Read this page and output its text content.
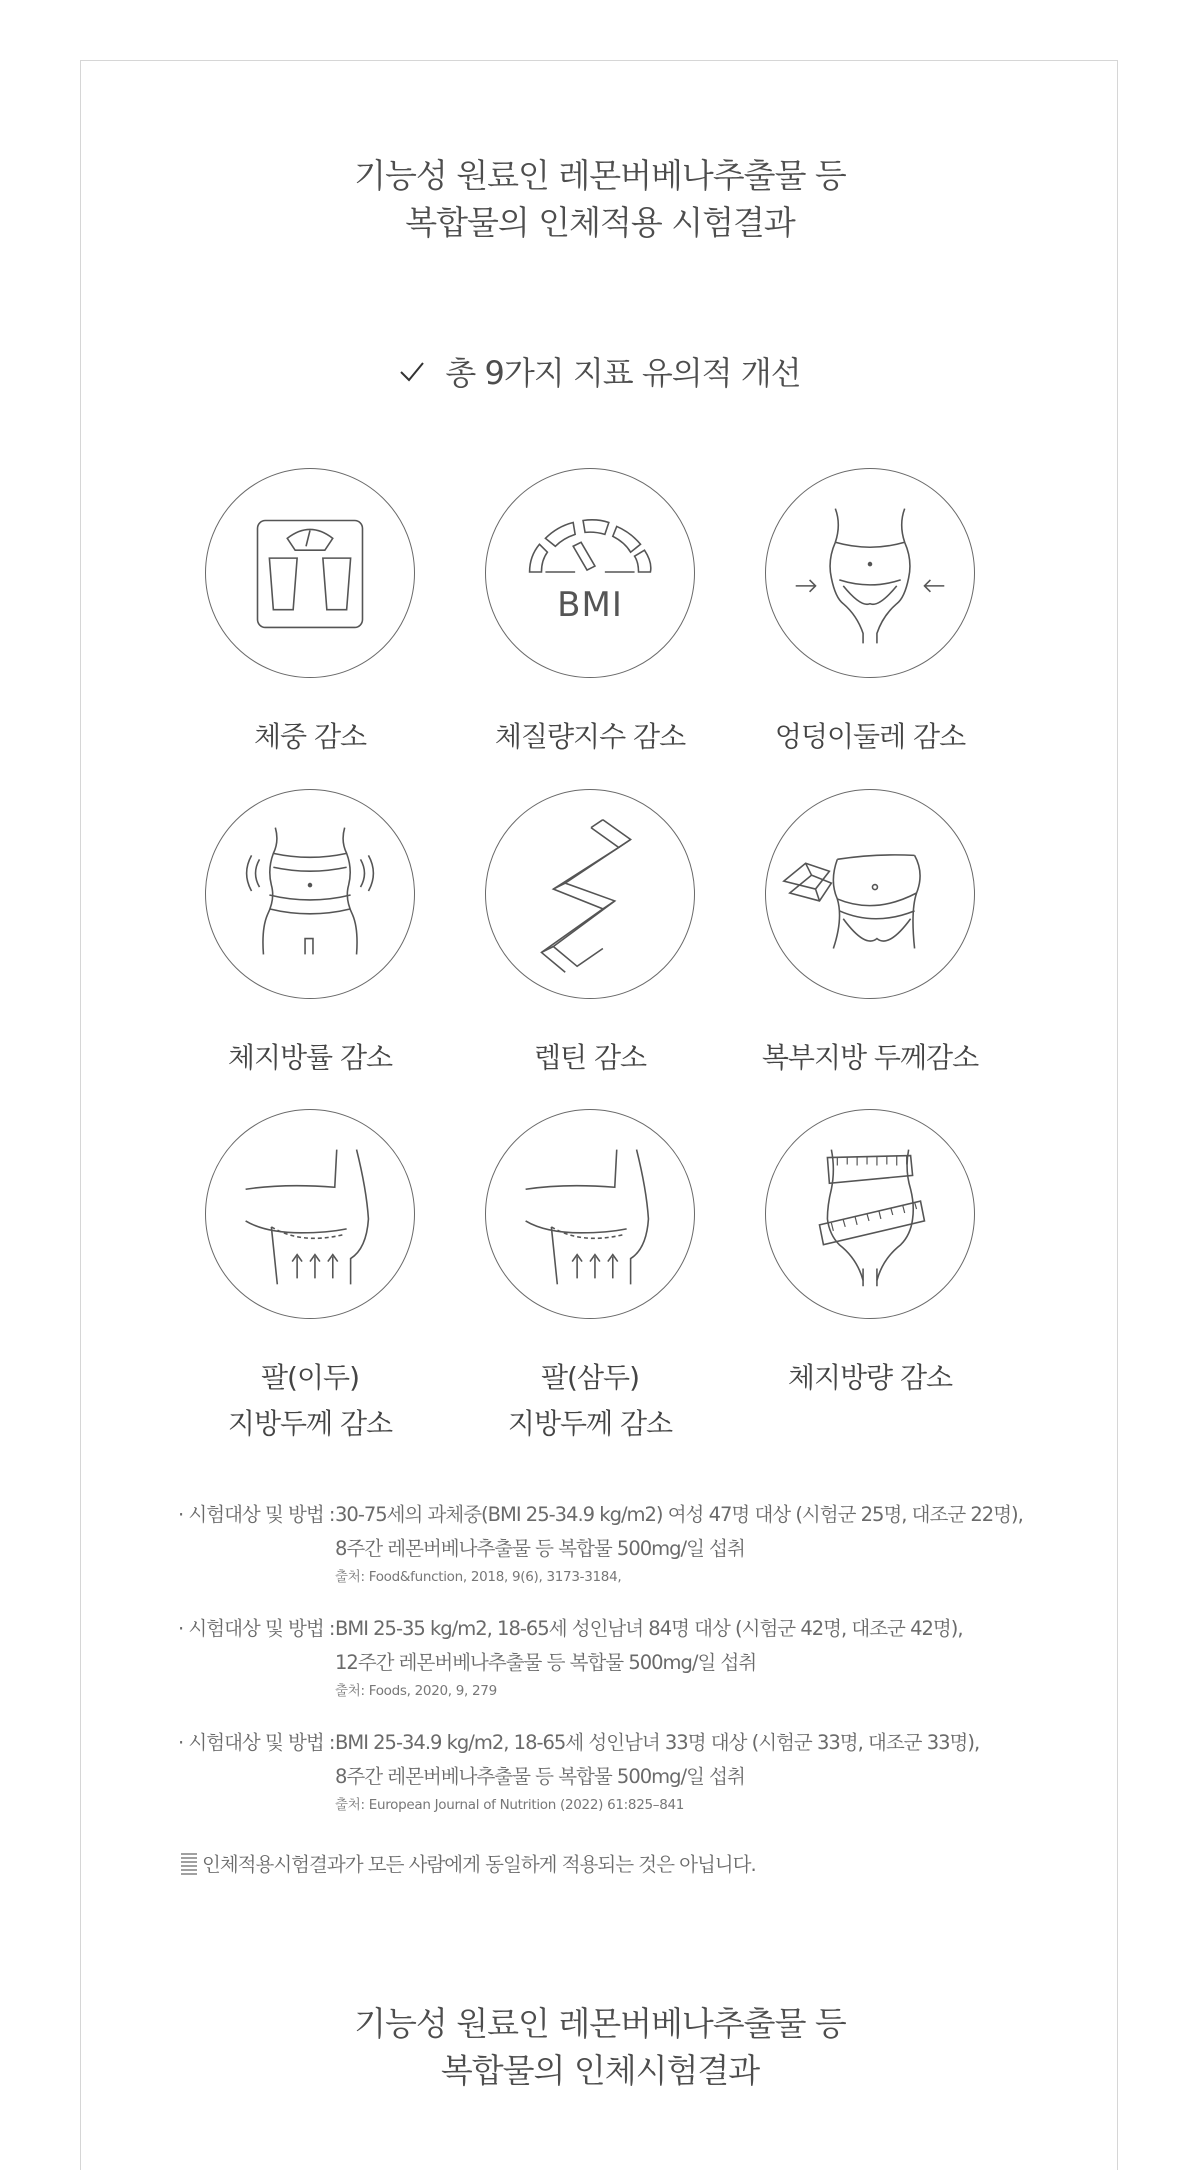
기능성 원료인 레몬버베나추출물 등
복합물의 인체적용 시험결과
총 9가지 지표 유의적 개선
체중 감소
BMI
체질량지수 감소	엉덩이둘레 감소
체지방률 감소	렙틴 감소	복부지방 두께감소
팔(이두)
지방두께 감소
팔(삼두)
지방두께 감소
체지방량 감소
· 시험대상 및 방법 : 30-75세의 과체중(BMI 25-34.9 kg/m2) 여성 47명 대상 (시험군 25명, 대조군 22명),
8주간 레몬버베나추출물 등 복합물 500mg/일 섭취
출처: Food&function, 2018, 9(6), 3173-3184,
· 시험대상 및 방법 : BMI 25-35 kg/m2, 18-65세 성인남녀 84명 대상 (시험군 42명, 대조군 42명),
12주간 레몬버베나추출물 등 복합물 500mg/일 섭취
출처: Foods, 2020, 9, 279
· 시험대상 및 방법 : BMI 25-34.9 kg/m2, 18-65세 성인남녀 33명 대상 (시험군 33명, 대조군 33명),
8주간 레몬버베나추출물 등 복합물 500mg/일 섭취
출처: European Journal of Nutrition (2022) 61:825–841
인체적용시험결과가 모든 사람에게 동일하게 적용되는 것은 아닙니다.
기능성 원료인 레몬버베나추출물 등
복합물의 인체시험결과
